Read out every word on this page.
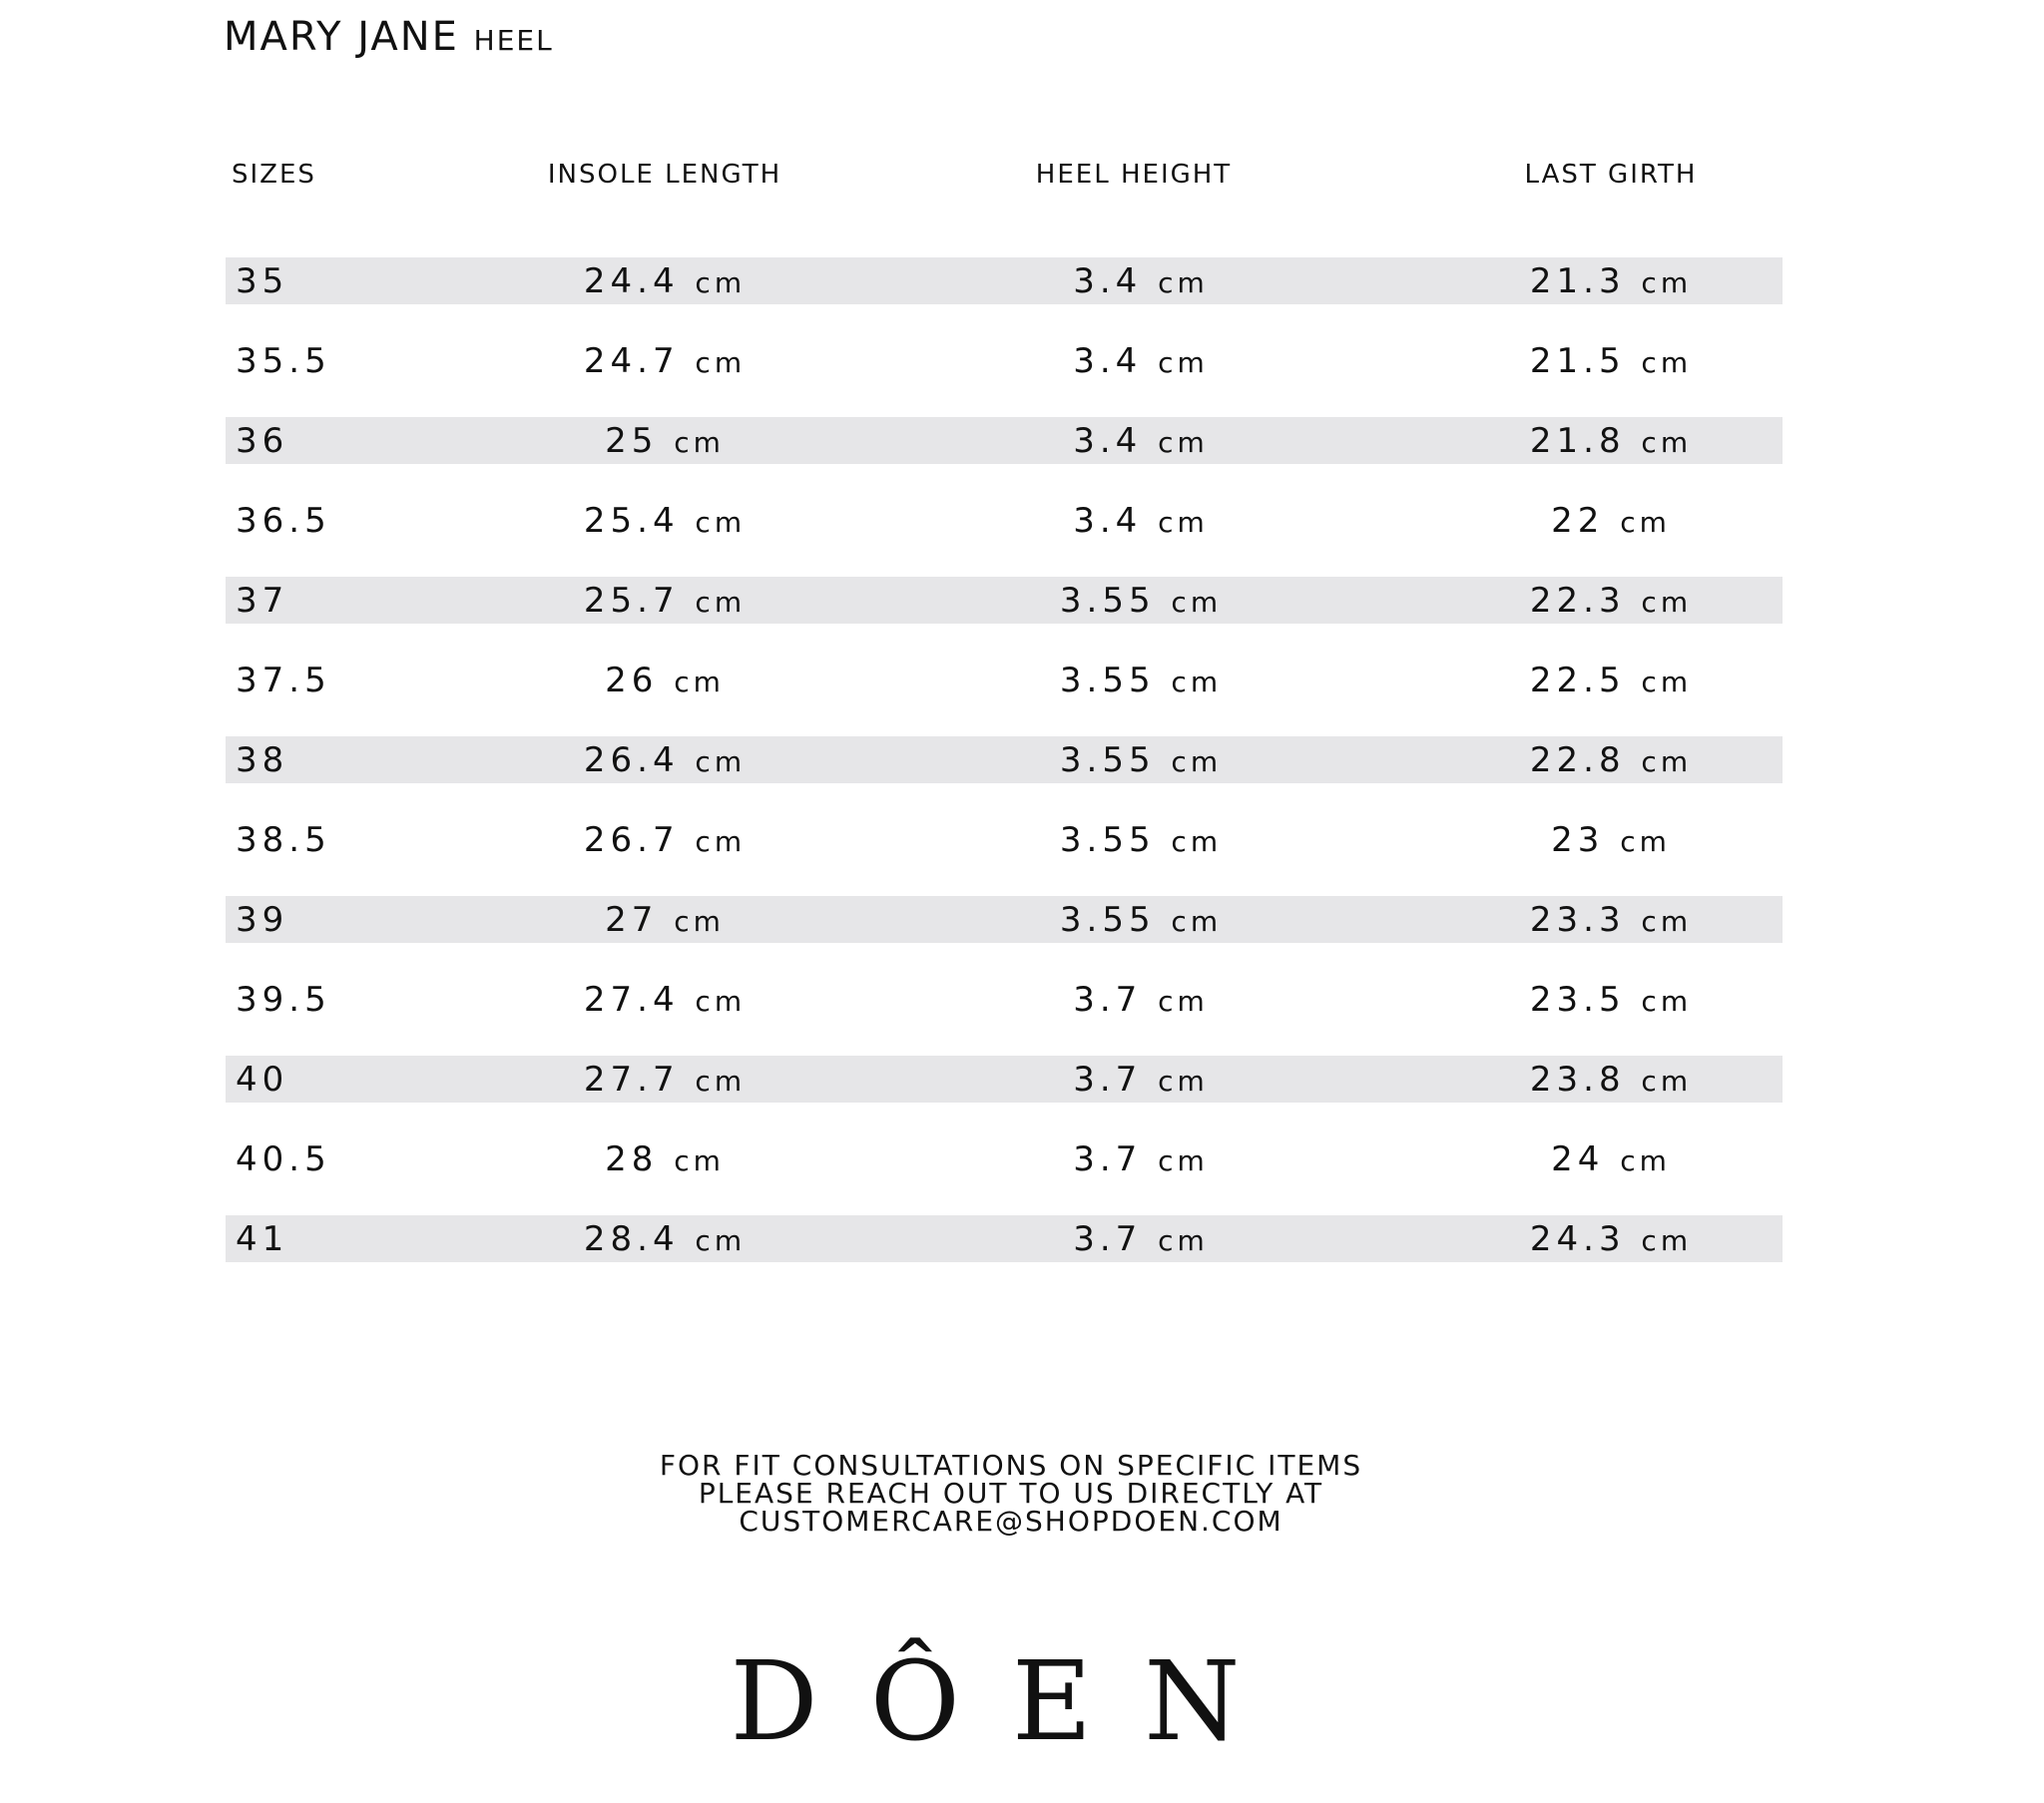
MARY JANE heel
SIZES	INSOLE LENGTH	HEEL HEIGHT	LAST GIRTH
35	24.4 cm	3.4 cm	21.3 cm
35.5	24.7 cm	3.4 cm	21.5 cm
36	25 cm	3.4 cm	21.8 cm
36.5	25.4 cm	3.4 cm	22 cm
37	25.7 cm	3.55 cm	22.3 cm
37.5	26 cm	3.55 cm	22.5 cm
38	26.4 cm	3.55 cm	22.8 cm
38.5	26.7 cm	3.55 cm	23 cm
39	27 cm	3.55 cm	23.3 cm
39.5	27.4 cm	3.7 cm	23.5 cm
40	27.7 cm	3.7 cm	23.8 cm
40.5	28 cm	3.7 cm	24 cm
41	28.4 cm	3.7 cm	24.3 cm
FOR FIT CONSULTATIONS ON SPECIFIC ITEMS
PLEASE REACH OUT TO US DIRECTLY AT
CUSTOMERCARE@SHOPDOEN.COM
DÔEN
